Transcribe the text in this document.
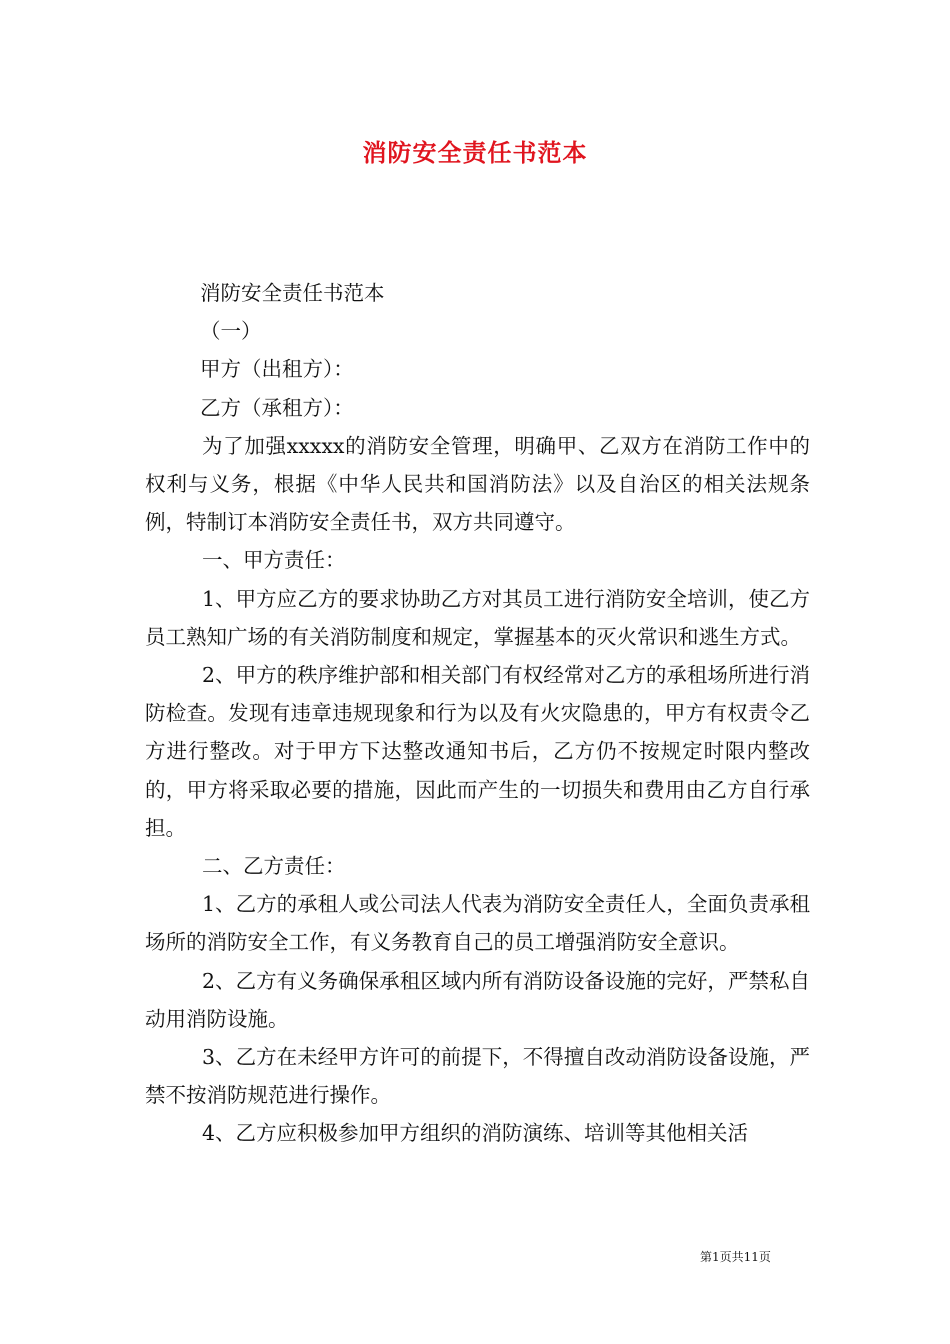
消防安全责任书范本

消防安全责任书范本

（一）

甲方（出租方）：

乙方（承租方）：

为了加强xxxxx的消防安全管理，明确甲、乙双方在消防工作中的权利与义务，根据《中华人民共和国消防法》以及自治区的相关法规条例，特制订本消防安全责任书，双方共同遵守。

一、甲方责任：

1、甲方应乙方的要求协助乙方对其员工进行消防安全培训，使乙方员工熟知广场的有关消防制度和规定，掌握基本的灭火常识和逃生方式。

2、甲方的秩序维护部和相关部门有权经常对乙方的承租场所进行消防检查。发现有违章违规现象和行为以及有火灾隐患的，甲方有权责令乙方进行整改。对于甲方下达整改通知书后，乙方仍不按规定时限内整改的，甲方将采取必要的措施，因此而产生的一切损失和费用由乙方自行承担。

二、乙方责任：

1、乙方的承租人或公司法人代表为消防安全责任人，全面负责承租场所的消防安全工作，有义务教育自己的员工增强消防安全意识。

2、乙方有义务确保承租区域内所有消防设备设施的完好，严禁私自动用消防设施。

3、乙方在未经甲方许可的前提下，不得擅自改动消防设备设施，严禁不按消防规范进行操作。

4、乙方应积极参加甲方组织的消防演练、培训等其他相关活

第1页共11页
